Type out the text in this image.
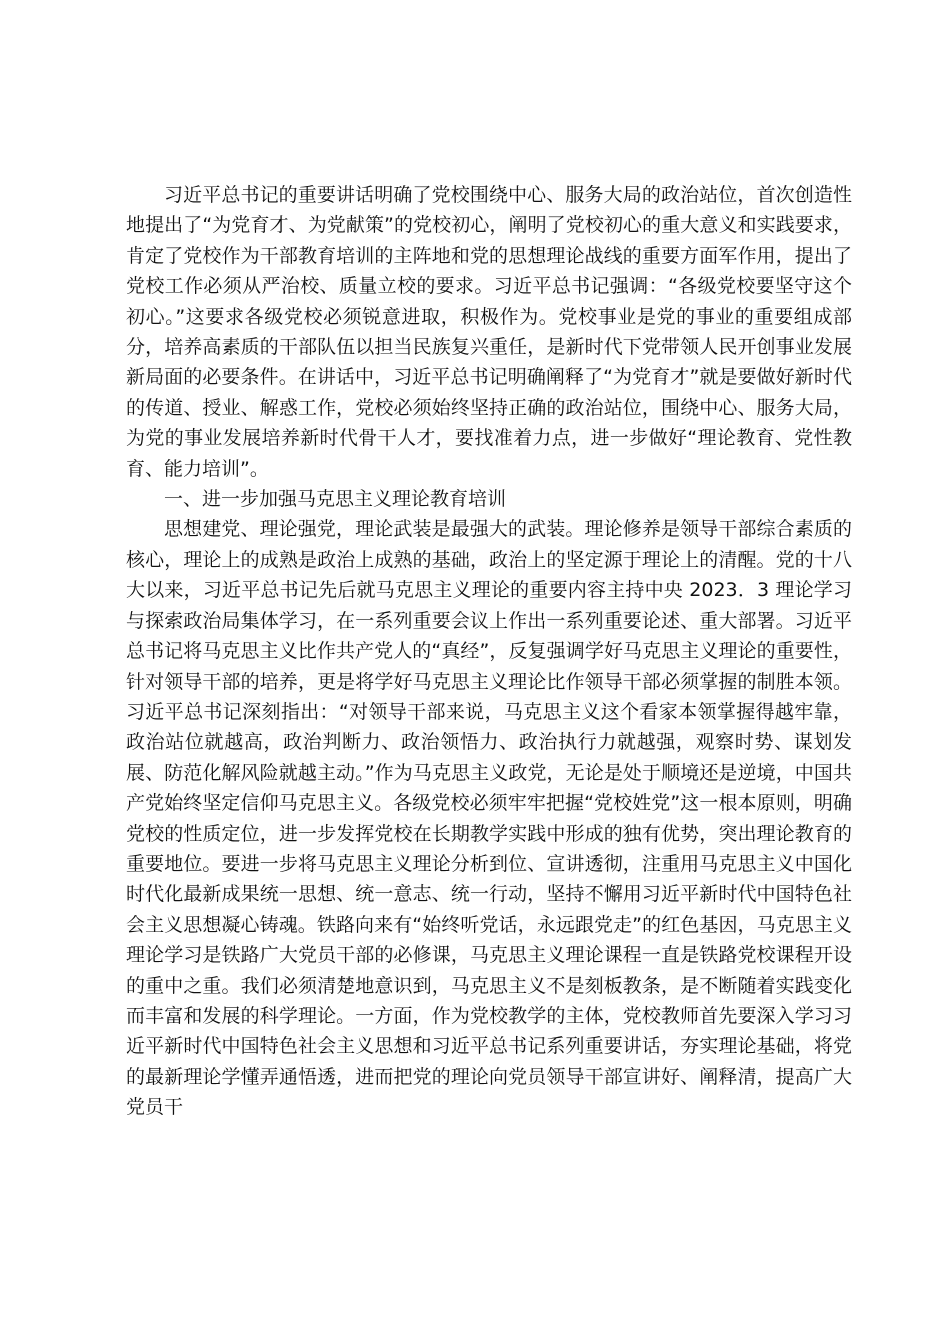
习近平总书记的重要讲话明确了党校围绕中心、服务大局的政治站位，首次创造性地提出了“为党育才、为党献策”的党校初心，阐明了党校初心的重大意义和实践要求，肯定了党校作为干部教育培训的主阵地和党的思想理论战线的重要方面军作用，提出了党校工作必须从严治校、质量立校的要求。习近平总书记强调：“各级党校要坚守这个初心。”这要求各级党校必须锐意进取，积极作为。党校事业是党的事业的重要组成部分，培养高素质的干部队伍以担当民族复兴重任，是新时代下党带领人民开创事业发展新局面的必要条件。在讲话中，习近平总书记明确阐释了“为党育才”就是要做好新时代的传道、授业、解惑工作，党校必须始终坚持正确的政治站位，围绕中心、服务大局，为党的事业发展培养新时代骨干人才，要找准着力点，进一步做好“理论教育、党性教育、能力培训”。

一、进一步加强马克思主义理论教育培训

思想建党、理论强党，理论武装是最强大的武装。理论修养是领导干部综合素质的核心，理论上的成熟是政治上成熟的基础，政治上的坚定源于理论上的清醒。党的十八大以来，习近平总书记先后就马克思主义理论的重要内容主持中央 2023．3 理论学习与探索政治局集体学习，在一系列重要会议上作出一系列重要论述、重大部署。习近平总书记将马克思主义比作共产党人的“真经”，反复强调学好马克思主义理论的重要性，针对领导干部的培养，更是将学好马克思主义理论比作领导干部必须掌握的制胜本领。习近平总书记深刻指出：“对领导干部来说，马克思主义这个看家本领掌握得越牢靠，政治站位就越高，政治判断力、政治领悟力、政治执行力就越强，观察时势、谋划发展、防范化解风险就越主动。”作为马克思主义政党，无论是处于顺境还是逆境，中国共产党始终坚定信仰马克思主义。各级党校必须牢牢把握“党校姓党”这一根本原则，明确党校的性质定位，进一步发挥党校在长期教学实践中形成的独有优势，突出理论教育的重要地位。要进一步将马克思主义理论分析到位、宣讲透彻，注重用马克思主义中国化时代化最新成果统一思想、统一意志、统一行动，坚持不懈用习近平新时代中国特色社会主义思想凝心铸魂。铁路向来有“始终听党话，永远跟党走”的红色基因，马克思主义理论学习是铁路广大党员干部的必修课，马克思主义理论课程一直是铁路党校课程开设的重中之重。我们必须清楚地意识到，马克思主义不是刻板教条，是不断随着实践变化而丰富和发展的科学理论。一方面，作为党校教学的主体，党校教师首先要深入学习习近平新时代中国特色社会主义思想和习近平总书记系列重要讲话，夯实理论基础，将党的最新理论学懂弄通悟透，进而把党的理论向党员领导干部宣讲好、阐释清，提高广大党员干
